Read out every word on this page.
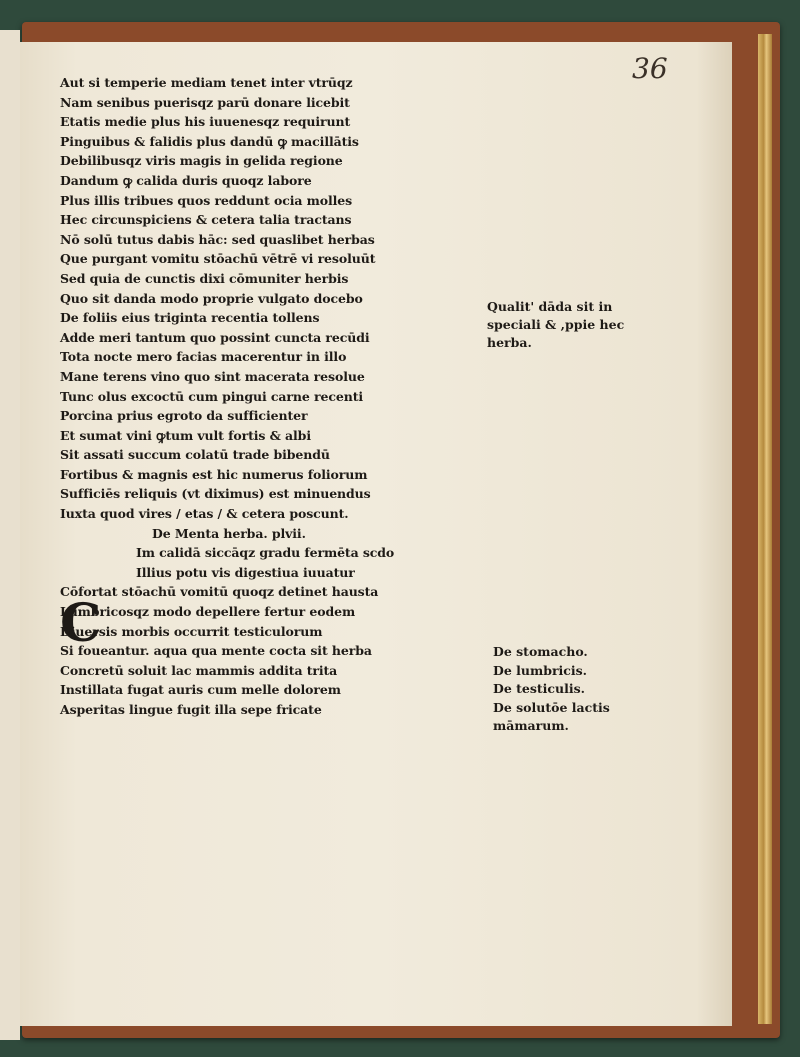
36
C
Aut si temperie mediam tenet inter vtrūqz
Nam senibus puerisqz parū donare licebit
Etatis medie plus his iuuenesqz requirunt
Pinguibus & falidis plus dandū ꝙ macillātis
Debilibusqz viris magis in gelida regione
Dandum ꝙ calida duris quoqz labore
Plus illis tribues quos reddunt ocia molles
Hec circunspiciens & cetera talia tractans
Nō solū tutus dabis hāc: sed quaslibet herbas
Que purgant vomitu stōachū vētrē vi resoluūt
Sed quia de cunctis dixi cōmuniter herbis
Quo sit danda modo proprie vulgato docebo
De foliis eius triginta recentia tollens
Adde meri tantum quo possint cuncta recūdi
Tota nocte mero facias macerentur in illo
Mane terens vino quo sint macerata resolue
Tunc olus excoctū cum pingui carne recenti
Porcina prius egroto da sufficienter
Et sumat vini ꝙtum vult fortis & albi
Sit assati succum colatū trade bibendū
Fortibus & magnis est hic numerus foliorum
Sufficiēs reliquis (vt diximus) est minuendus
Iuxta quod vires / etas / & cetera poscunt.
De Menta herba. plvii.
Im calidā siccāqz gradu fermēta scdo
Illius potu vis digestiua iuuatur
Cōfortat stōachū vomitū quoqz detinet hausta
Lumbricosqz modo depellere fertur eodem
Diuersis morbis occurrit testiculorum
Si foueantur. aqua qua mente cocta sit herba
Concretū soluit lac mammis addita trita
Instillata fugat auris cum melle dolorem
Asperitas lingue fugit illa sepe fricate
Qualit' dāda sit in
speciali & ,ppie hec
herba.
De stomacho.
De lumbricis.
De testiculis.
De solutōe lactis
māmarum.
